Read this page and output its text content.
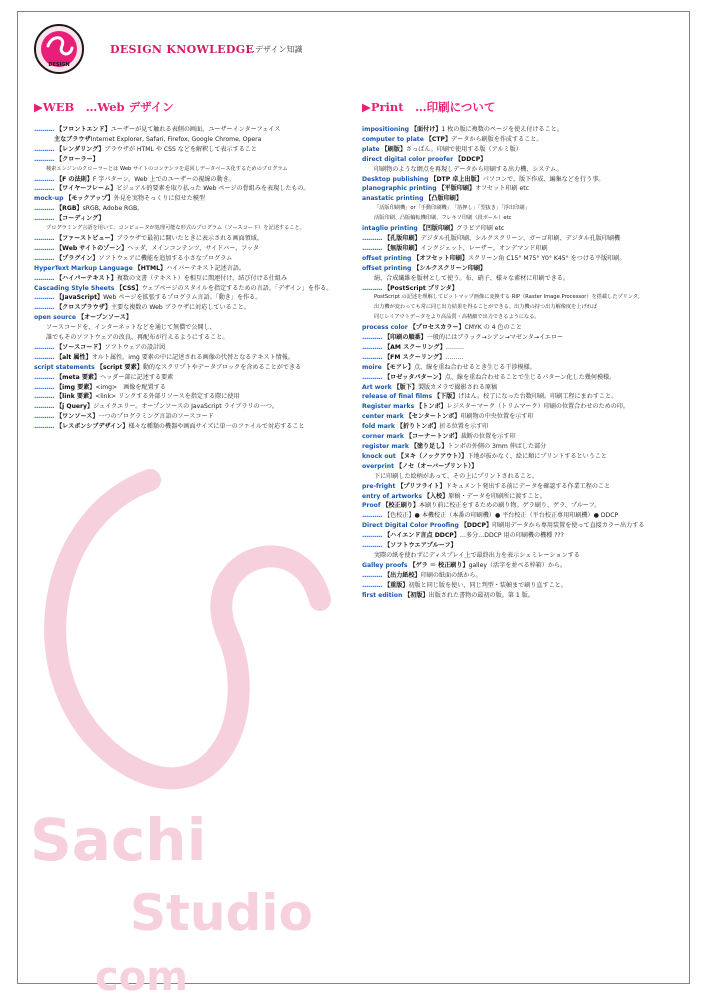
Sachi
Studio
com
DESIGN
DESIGN KNOWLEDGE
…デザイン知識
▶WEB　…Web デザイン
.......... 【フロントエンド】ユーザーが見て触れる表側の画面、ユーザーインターフェイス
主なブラウザInternet Explorer, Safari, Firefox, Google Chrome, Opera
.......... 【レンダリング】ブラウザが HTML や CSS などを解釈して表示すること
.......... 【クローラー】
検索エンジンのクローラーとは Web サイトのコンテンツを巡回しデータベース化するためのプログラム
.......... 【F の法則】F 字パターン。Web 上でのユーザーの視線の動き。
.......... 【ワイヤーフレーム】ビジュアル的要素を取り払った Web ページの骨組みを表現したもの。
mock-up 【モックアップ】外見を実物そっくりに似せた模型
.......... 【RGB】sRGB, Adobe RGB,
.......... 【コーディング】
プログラミング言語を用いて、コンピュータが処理可能な形式のプログラム（ソースコード）を記述すること。
.......... 【ファーストビュー】ブラウザで最初に開いたときに表示される画面領域。
.......... 【Web サイトのゾーン】ヘッダ、メインコンテンツ、サイドバー、フッタ
.......... 【プラグイン】ソフトウェアに機能を追加する小さなプログラム
HyperText Markup Language 【HTML】ハイパーテキスト記述言語。
.......... 【ハイパーテキスト】複数の文書（テキスト）を相互に関連付け、結び付ける仕組み
Cascading Style Sheets 【CSS】ウェブページのスタイルを指定するための言語。「デザイン」を作る。
.......... 【JavaScript】Web ページを拡張するプログラム言語。「動き」を作る。
.......... 【クロスブラウザ】主要な複数の Web ブラウザに対応していること。
open source 【オープンソース】
ソースコードを、インターネットなどを通じて無償で公開し、
誰でもそのソフトウェアの改良、再配布が行えるようにすること。
.......... 【ソースコード】ソフトウェアの設計図
.......... 【alt 属性】オルト属性。img 要素の中に記述される画像の代替となるテキスト情報。
script statements 【script 要素】動的なスクリプトやデータブロックを含めることができる
.......... 【meta 要素】ヘッダー部に記述する要素
.......... 【img 要素】<img>　画像を配置する
.......... 【link 要素】<link> リンクする外部リソースを指定する際に使用
.......... 【j Query】ジェイクエリー。オープンソースの JavaScript ライブラリの一つ。
.......... 【ワンソース】一つのプログラミング言語のソースコード
.......... 【レスポンシブデザイン】様々な種類の機器や画面サイズに単一のファイルで対応すること
▶Print　…印刷について
impositioning 【面付け】1 枚の版に複数のページを使え付けること。
computer to plate 【CTP】データから刷版を作成すること。
plate 【刷版】さっぱん。印刷で使用する版（アルミ版）
direct digital color proofer 【DDCP】
印刷物のような網点を再現しデータから印刷する出力機、システム。
Desktop publishing 【DTP 卓上出版】パソコンで、版下作成、編集などを行う事。
planographic printing 【平版印刷】オフセット印刷 etc
anastatic printing 【凸版印刷】
「活版印刷機」or「手動印刷機」　「箔押し」「型抜き」「浮出印刷」
活版印刷、凸版輪転機印刷、フレキソ印刷（段ボール）etc
intaglio printing 【凹版印刷】グラビア印刷 etc
.......... 【孔版印刷】デジタル孔版印刷、シルクスクリーン、ガーゴ印刷、デジタル孔版印刷機
.......... 【無版印刷】インクジェット、レーザー、オンデマンド印刷
offset printing 【オフセット印刷】スクリーン角 C15° M75° Y0° K45° をつける平版印刷。
offset printing 【シルクスクリーン印刷】
絹、合成繊維を版材として使う。布、硝子、様々な素材に印刷できる。
.......... 【PostScript プリンタ】
PostScript の記述を理解してビットマップ画像に変換する RIP（Raster Image Processor）を搭載したプリンタ。
出力機が変わっても常に同じ出力結果を得ることができる。出力機の持つ出力解像度を上げれば
同じレイアウトデータをより高品質・高精細で出力できるようになる。
process color 【プロセスカラー】CMYK の 4 色のこと
.......... 【印刷の順番】一般的にはブラック→シアン→マゼンタ→イエロー
.......... 【AM スクーリング】………
.......... 【FM スクーリング】………
moire 【モアレ】点、線を重ね合わせるとき生じる干渉模様。
.......... 【ロゼッタパターン】点、線を重ね合わせることで生じるパターン化した幾何模様。
Art work 【版下】製版カメラで撮影される原稿
release of final films 【下版】げはん。校了になった台数印刷。印刷工程にまわすこと。
Register marks 【トンボ】レジスターマーク（トリムマーク）印刷の位置合わせのための印。
center mark 【センタートンボ】印刷物の中央位置を示す印
fold mark 【折りトンボ】折る位置を示す印
corner mark 【コーナートンボ】裁断の位置を示す印
register mark 【塗り足し】トンボの外側の 3mm 伸ばした部分
knock out 【ヌキ（ノックアウト）】下地が抜かなく、絵に順にプリントするということ
overprint 【ノセ（オーバープリント）】
下に印刷した絵柄があって、その上にプリントされること。
pre-fright 【プリフライト】ドキュメント発出する前にデータを確認する作業工程のこと
entry of artworks 【入校】原稿・データを印刷所に渡すこと。
Proof 【校正刷り】本刷り前に校正をするための刷り物。ゲラ刷り、ゲラ、プルーフ。
.......... 【色校正】● 本機校正（本番の印刷機）● 平台校正（平台校正専用印刷機）● DDCP
Direct Digital Color Proofing 【DDCP】印刷用データから専用装置を使って直接カラー出力する
.......... 【ハイエンド言点 DDCP】…多分…DDCP 用の印刷機の機種 ???
.......... 【ソフトウエアプルーフ】
実際の紙を使わずにディスプレイ上で最終出力を表示シュミレーションする
Galley proofs 【ゲラ ＝ 校正刷り】galley（活字を並べる枠箱）から。
.......... 【出力紙校】印刷の紙面の紙から。
.......... 【重版】初版と同じ版を使い、同じ判型・装幀まで刷り直すこと。
first edition 【初版】出版された書物の最初の版。第 1 版。
